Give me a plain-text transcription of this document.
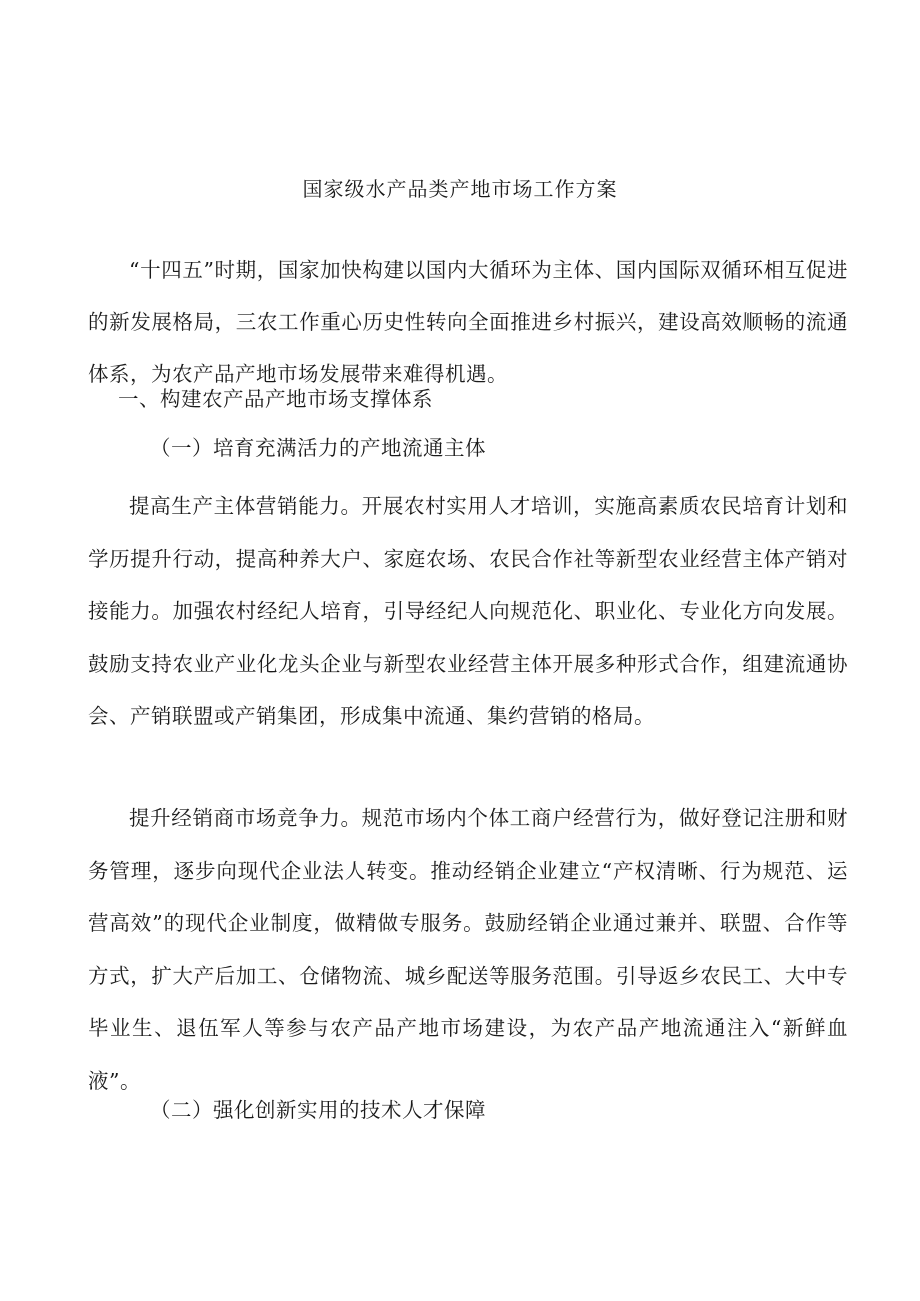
国家级水产品类产地市场工作方案

“十四五”时期，国家加快构建以国内大循环为主体、国内国际双循环相互促进的新发展格局，三农工作重心历史性转向全面推进乡村振兴，建设高效顺畅的流通体系，为农产品产地市场发展带来难得机遇。

一、构建农产品产地市场支撑体系
（一）培育充满活力的产地流通主体

提高生产主体营销能力。开展农村实用人才培训，实施高素质农民培育计划和学历提升行动，提高种养大户、家庭农场、农民合作社等新型农业经营主体产销对接能力。加强农村经纪人培育，引导经纪人向规范化、职业化、专业化方向发展。鼓励支持农业产业化龙头企业与新型农业经营主体开展多种形式合作，组建流通协会、产销联盟或产销集团，形成集中流通、集约营销的格局。

提升经销商市场竞争力。规范市场内个体工商户经营行为，做好登记注册和财务管理，逐步向现代企业法人转变。推动经销企业建立“产权清晰、行为规范、运营高效”的现代企业制度，做精做专服务。鼓励经销企业通过兼并、联盟、合作等方式，扩大产后加工、仓储物流、城乡配送等服务范围。引导返乡农民工、大中专毕业生、退伍军人等参与农产品产地市场建设，为农产品产地流通注入“新鲜血液”。

（二）强化创新实用的技术人才保障
